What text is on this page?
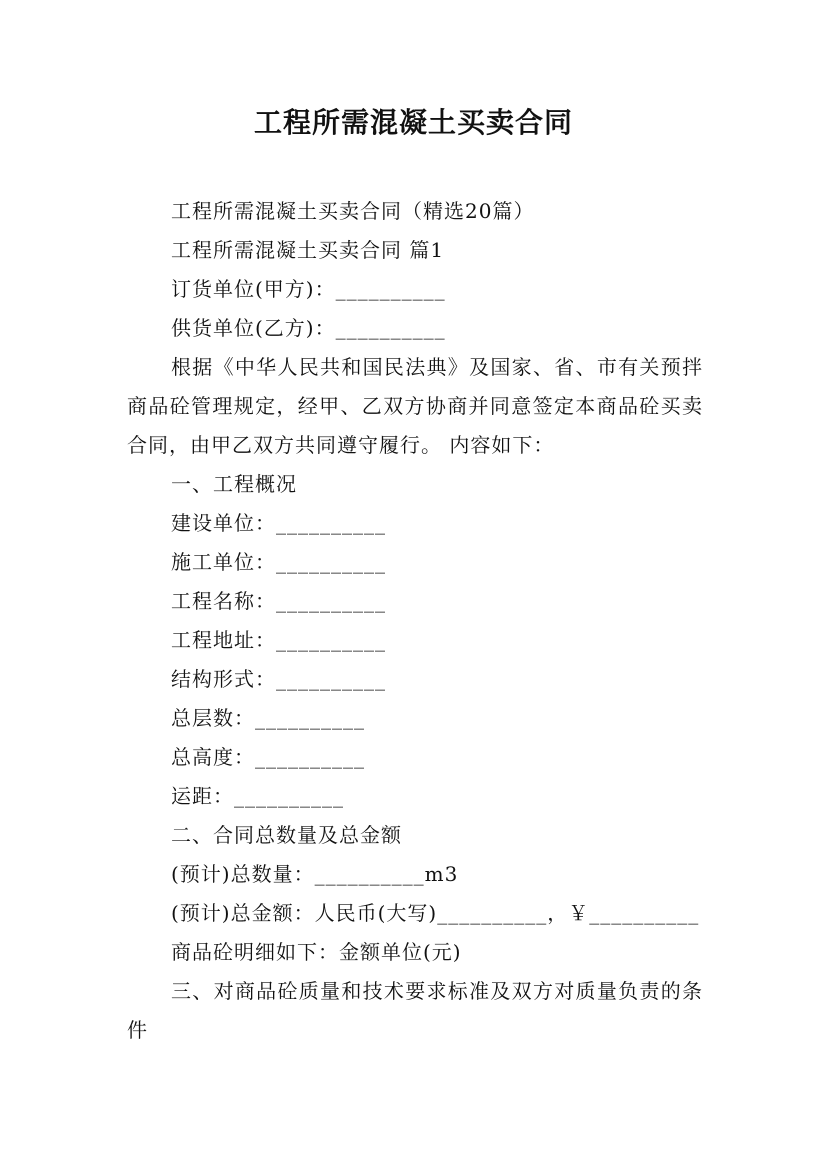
工程所需混凝土买卖合同
工程所需混凝土买卖合同（精选20篇）
工程所需混凝土买卖合同 篇1
订货单位(甲方)：__________
供货单位(乙方)：__________
根据《中华人民共和国民法典》及国家、省、市有关预拌商品砼管理规定，经甲、乙双方协商并同意签定本商品砼买卖合同，由甲乙双方共同遵守履行。 内容如下：
一、工程概况
建设单位：__________
施工单位：__________
工程名称：__________
工程地址：__________
结构形式：__________
总层数：__________
总高度：__________
运距：__________
二、合同总数量及总金额
(预计)总数量：__________m3
(预计)总金额：人民币(大写)__________，￥__________
商品砼明细如下：金额单位(元)
三、对商品砼质量和技术要求标准及双方对质量负责的条件
